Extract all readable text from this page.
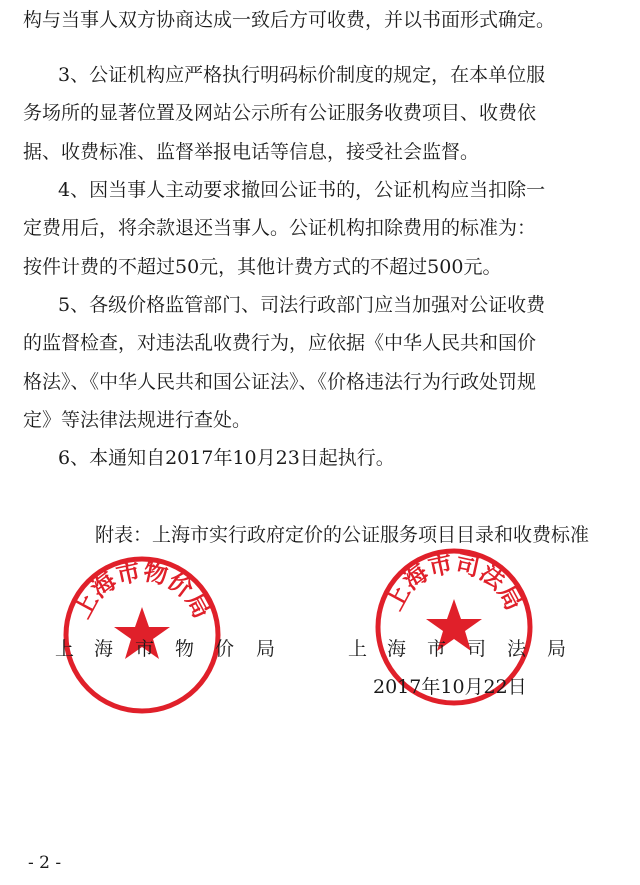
构与当事人双方协商达成一致后方可收费，并以书面形式确定。
3、公证机构应严格执行明码标价制度的规定，在本单位服
务场所的显著位置及网站公示所有公证服务收费项目、收费依
据、收费标准、监督举报电话等信息，接受社会监督。
4、因当事人主动要求撤回公证书的，公证机构应当扣除一
定费用后，将余款退还当事人。公证机构扣除费用的标准为：
按件计费的不超过50元，其他计费方式的不超过500元。
5、各级价格监管部门、司法行政部门应当加强对公证收费
的监督检查，对违法乱收费行为，应依据《中华人民共和国价
格法》、《中华人民共和国公证法》、《价格违法行为行政处罚规
定》等法律法规进行查处。
6、本通知自2017年10月23日起执行。
附表：上海市实行政府定价的公证服务项目目录和收费标准
上海市物价局	上海市司法局
上 海 市 物 价 局	上 海 市 司 法 局
2017年10月22日
- 2 -
